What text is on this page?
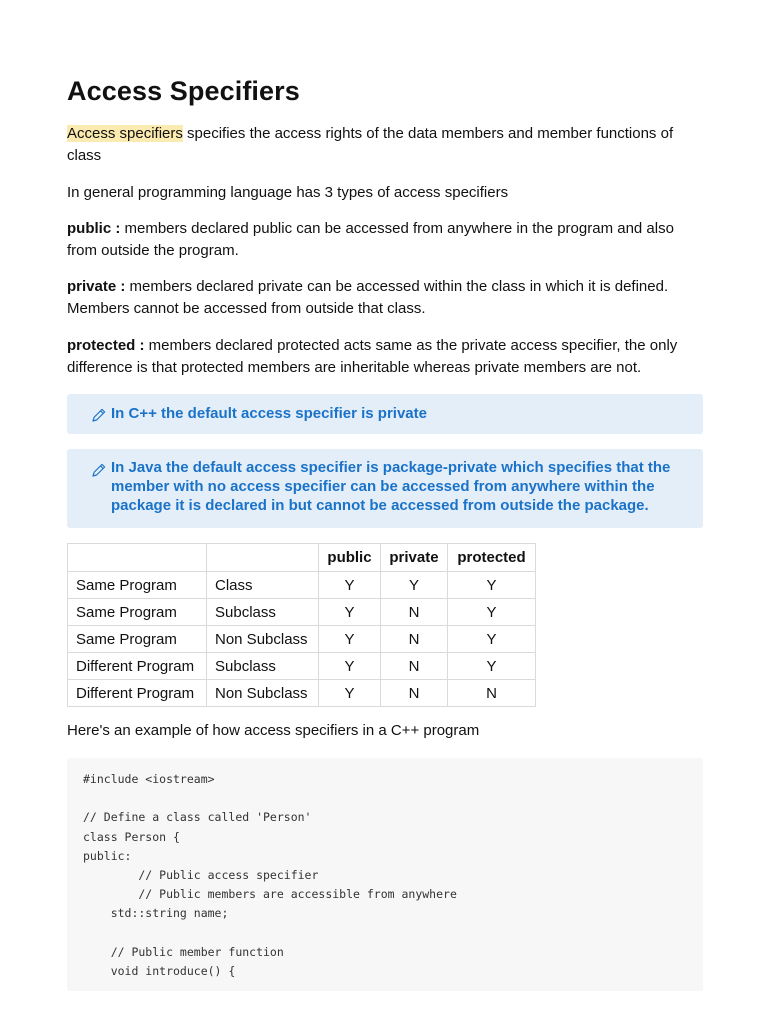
Access Specifiers

Access specifiers specifies the access rights of the data members and member functions of class

In general programming language has 3 types of access specifiers

public : members declared public can be accessed from anywhere in the program and also from outside the program.

private : members declared private can be accessed within the class in which it is defined. Members cannot be accessed from outside that class.

protected : members declared protected acts same as the private access specifier, the only difference is that protected members are inheritable whereas private members are not.

In C++ the default access specifier is private
In Java the default access specifier is package-private which specifies that the member with no access specifier can be accessed from anywhere within the package it is declared in but cannot be accessed from outside the package.
		public	private	protected
Same Program	Class	Y	Y	Y
Same Program	Subclass	Y	N	Y
Same Program	Non Subclass	Y	N	Y
Different Program	Subclass	Y	N	Y
Different Program	Non Subclass	Y	N	N

Here's an example of how access specifiers in a C++ program

#include <iostream>
// Define a class called 'Person'
class Person {
public:
// Public access specifier
// Public members are accessible from anywhere
std::string name;
// Public member function
void introduce() {
